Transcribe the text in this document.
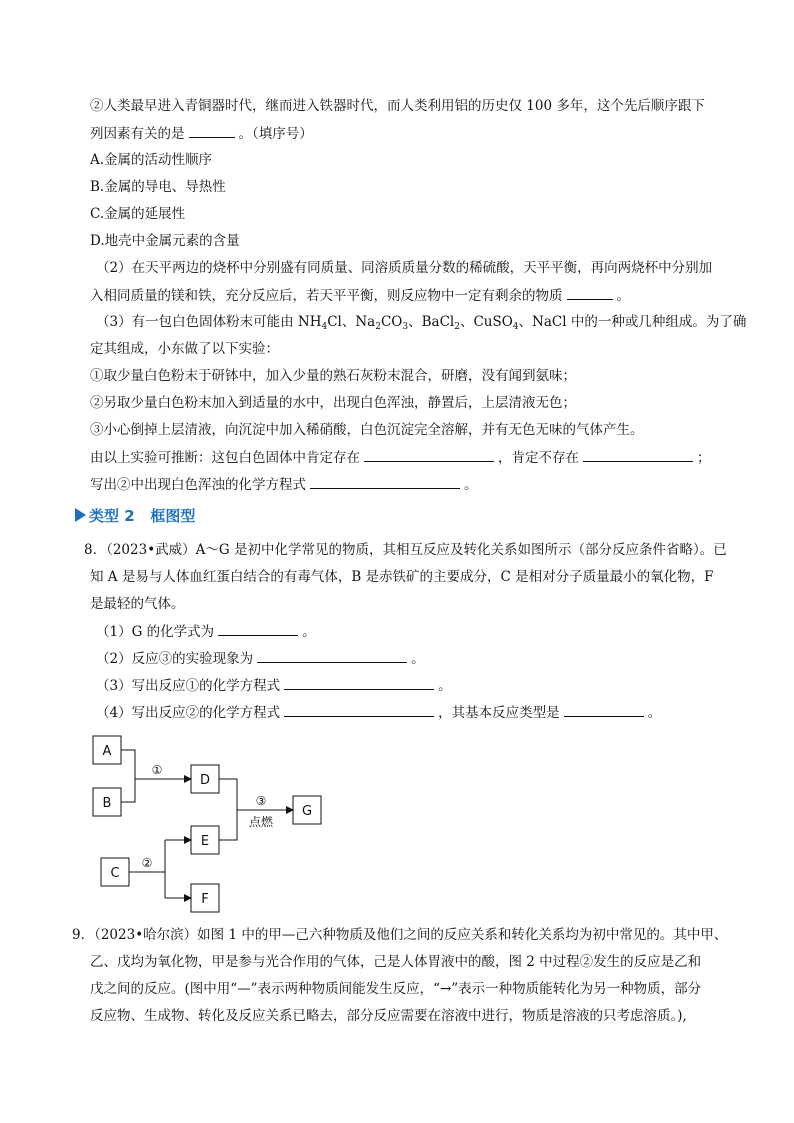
②人类最早进入青铜器时代，继而进入铁器时代，而人类利用铝的历史仅 100 多年，这个先后顺序跟下
列因素有关的是	。（填序号）
A.金属的活动性顺序
B.金属的导电、导热性
C.金属的延展性
D.地壳中金属元素的含量
（2）在天平两边的烧杯中分别盛有同质量、同溶质质量分数的稀硫酸，天平平衡，再向两烧杯中分别加
入相同质量的镁和铁，充分反应后，若天平平衡，则反应物中一定有剩余的物质	。
（3）有一包白色固体粉末可能由 $NH_4Cl$、$Na_2CO_3$、BaCl$_2$、CuSO$_4$、NaCl 中的一种或几种组成。为了确
定其组成，小东做了以下实验：
①取少量白色粉末于研钵中，加入少量的熟石灰粉末混合，研磨，没有闻到氨味；
②另取少量白色粉末加入到适量的水中，出现白色浑浊，静置后，上层清液无色；
③小心倒掉上层清液，向沉淀中加入稀硝酸，白色沉淀完全溶解，并有无色无味的气体产生。
由以上实验可推断：这包白色固体中肯定存在	，肯定不存在	；
写出②中出现白色浑浊的化学方程式	。
类型 2 框图型
8．（2023•武威）A～G 是初中化学常见的物质，其相互反应及转化关系如图所示（部分反应条件省略）。已
知 A 是易与人体血红蛋白结合的有毒气体，B 是赤铁矿的主要成分，C 是相对分子质量最小的氧化物，F
是最轻的气体。
（1）G 的化学式为	。
（2）反应③的实验现象为	。
（3）写出反应①的化学方程式	。
（4）写出反应②的化学方程式	，其基本反应类型是	。
A
B
D
G
E
C
F
①
③
点燃
②
9．（2023•哈尔滨）如图 1 中的甲—己六种物质及他们之间的反应关系和转化关系均为初中常见的。其中甲、
乙、戊均为氧化物，甲是参与光合作用的气体，己是人体胃液中的酸，图 2 中过程②发生的反应是乙和
戊之间的反应。(图中用“—”表示两种物质间能发生反应，“→”表示一种物质能转化为另一种物质，部分
反应物、生成物、转化及反应关系已略去，部分反应需要在溶液中进行，物质是溶液的只考虑溶质。),
